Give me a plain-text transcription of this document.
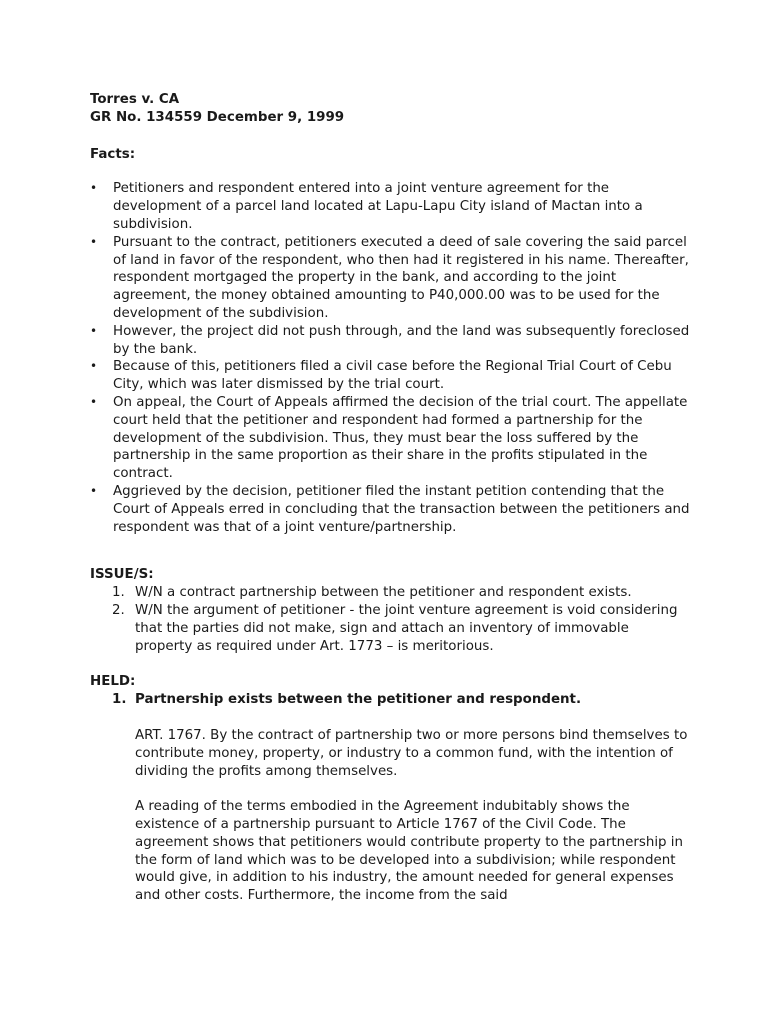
Torres v. CA
GR No. 134559 December 9, 1999
Facts:
• Petitioners and respondent entered into a joint venture agreement for the development of a parcel land located at Lapu-Lapu City island of Mactan into a subdivision.
• Pursuant to the contract, petitioners executed a deed of sale covering the said parcel of land in favor of the respondent, who then had it registered in his name. Thereafter, respondent mortgaged the property in the bank, and according to the joint agreement, the money obtained amounting to P40,000.00 was to be used for the development of the subdivision.
• However, the project did not push through, and the land was subsequently foreclosed by the bank.
• Because of this, petitioners filed a civil case before the Regional Trial Court of Cebu City, which was later dismissed by the trial court.
• On appeal, the Court of Appeals affirmed the decision of the trial court. The appellate court held that the petitioner and respondent had formed a partnership for the development of the subdivision. Thus, they must bear the loss suffered by the partnership in the same proportion as their share in the profits stipulated in the contract.
• Aggrieved by the decision, petitioner filed the instant petition contending that the Court of Appeals erred in concluding that the transaction between the petitioners and respondent was that of a joint venture/partnership.
ISSUE/S:
1. W/N a contract partnership between the petitioner and respondent exists.
2. W/N the argument of petitioner - the joint venture agreement is void considering that the parties did not make, sign and attach an inventory of immovable property as required under Art. 1773 – is meritorious.
HELD:
1. Partnership exists between the petitioner and respondent.
ART. 1767. By the contract of partnership two or more persons bind themselves to contribute money, property, or industry to a common fund, with the intention of dividing the profits among themselves.
A reading of the terms embodied in the Agreement indubitably shows the existence of a partnership pursuant to Article 1767 of the Civil Code. The agreement shows that petitioners would contribute property to the partnership in the form of land which was to be developed into a subdivision; while respondent would give, in addition to his industry, the amount needed for general expenses and other costs. Furthermore, the income from the said
